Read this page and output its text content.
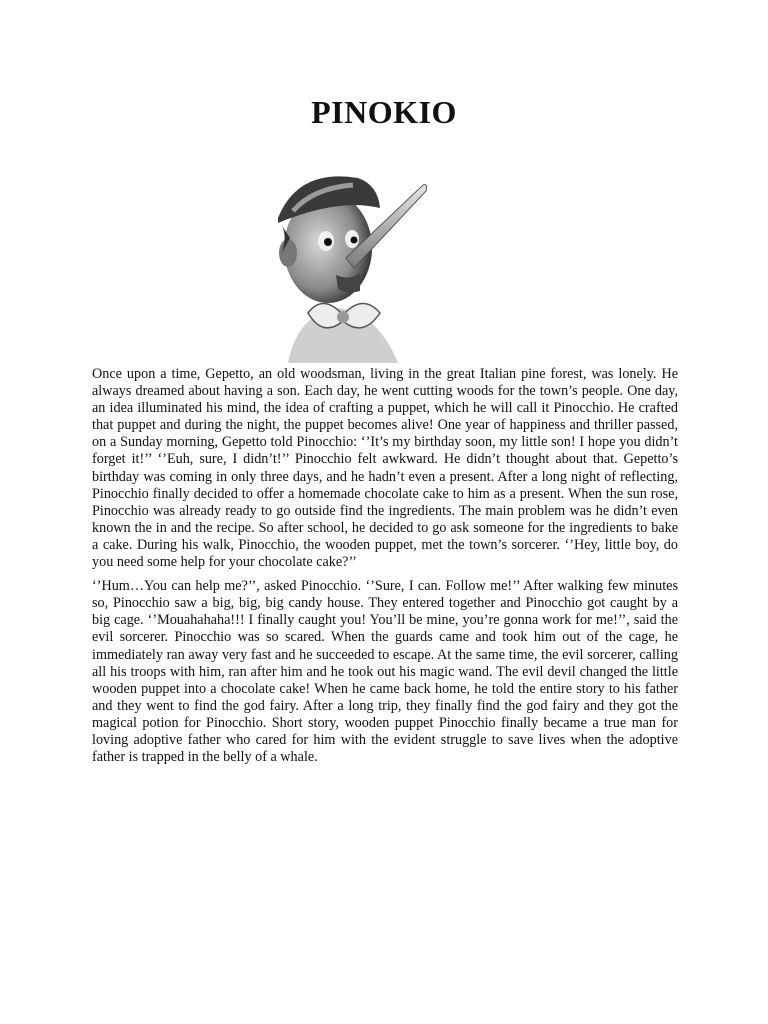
PINOKIO

Once upon a time, Gepetto, an old woodsman, living in the great Italian pine forest, was lonely. He always dreamed about having a son. Each day, he went cutting woods for the town’s people. One day, an idea illuminated his mind, the idea of crafting a puppet, which he will call it Pinocchio. He crafted that puppet and during the night, the puppet becomes alive! One year of happiness and thriller passed, on a Sunday morning, Gepetto told Pinocchio: ‘’It’s my birthday soon, my little son! I hope you didn’t forget it!’’ ‘’Euh, sure, I didn’t!’’ Pinocchio felt awkward. He didn’t thought about that. Gepetto’s birthday was coming in only three days, and he hadn’t even a present. After a long night of reflecting, Pinocchio finally decided to offer a homemade chocolate cake to him as a present. When the sun rose, Pinocchio was already ready to go outside find the ingredients. The main problem was he didn’t even known the in and the recipe. So after school, he decided to go ask someone for the ingredients to bake a cake. During his walk, Pinocchio, the wooden puppet, met the town’s sorcerer. ‘’Hey, little boy, do you need some help for your chocolate cake?’’

‘’Hum…You can help me?’’, asked Pinocchio. ‘’Sure, I can. Follow me!’’ After walking few minutes so, Pinocchio saw a big, big, big candy house. They entered together and Pinocchio got caught by a big cage. ‘’Mouahahaha!!! I finally caught you! You’ll be mine, you’re gonna work for me!’’, said the evil sorcerer. Pinocchio was so scared. When the guards came and took him out of the cage, he immediately ran away very fast and he succeeded to escape. At the same time, the evil sorcerer, calling all his troops with him, ran after him and he took out his magic wand. The evil devil changed the little wooden puppet into a chocolate cake! When he came back home, he told the entire story to his father and they went to find the god fairy. After a long trip, they finally find the god fairy and they got the magical potion for Pinocchio. Short story, wooden puppet Pinocchio finally became a true man for loving adoptive father who cared for him with the evident struggle to save lives when the adoptive father is trapped in the belly of a whale.
